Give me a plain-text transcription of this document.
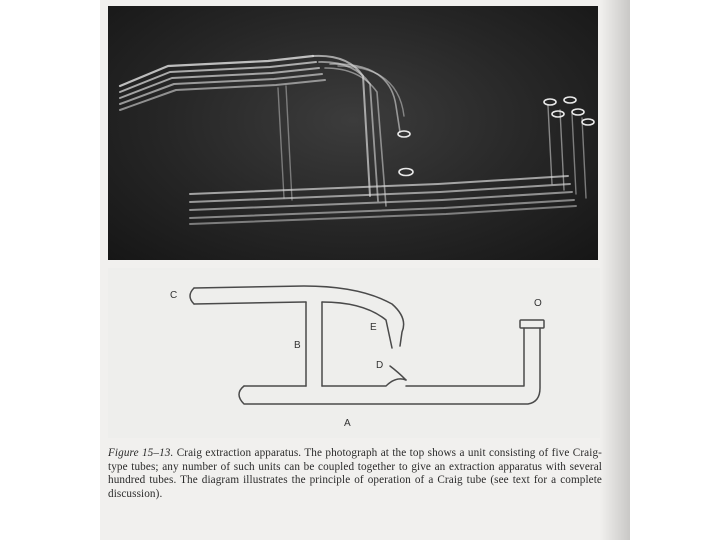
C
B
E
D
O
A
Figure 15–13. Craig extraction apparatus. The photograph at the top shows a unit consisting of five Craig-type tubes; any number of such units can be coupled together to give an extraction apparatus with several hundred tubes. The diagram illustrates the principle of operation of a Craig tube (see text for a complete discussion).
